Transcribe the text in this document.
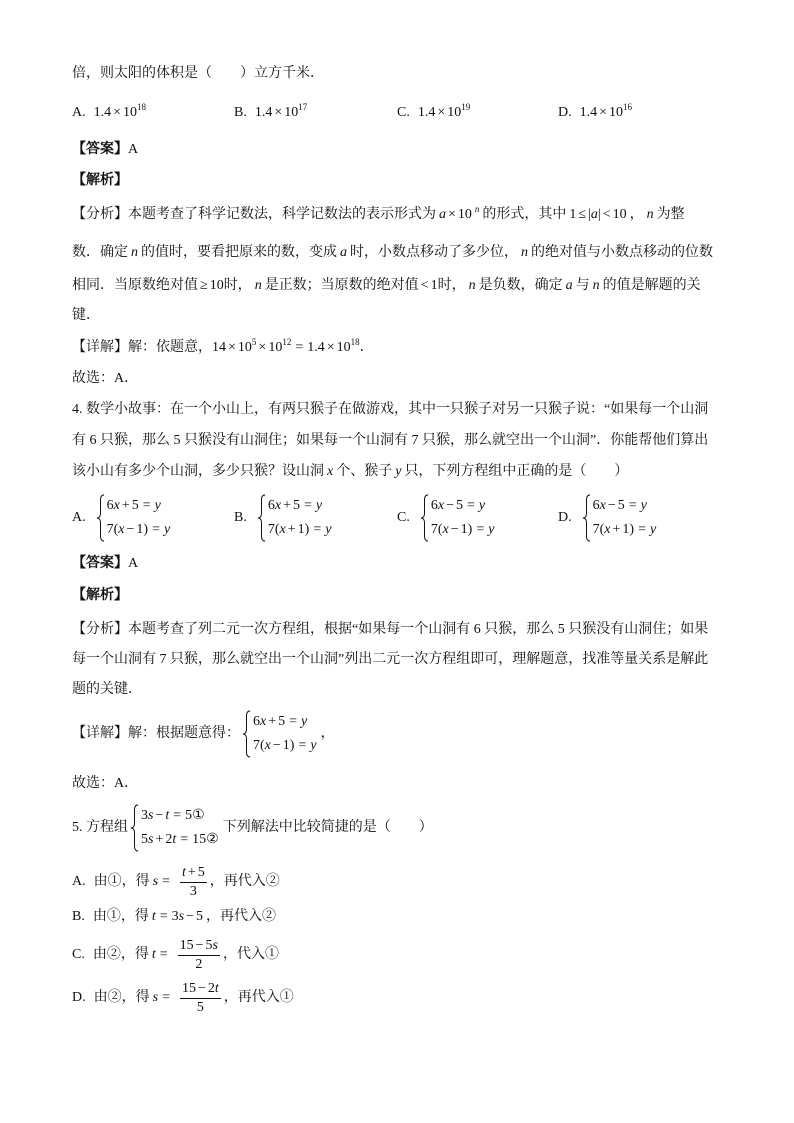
倍，则太阳的体积是（　　）立方千米．
A. 1.4 × 10 18	B. 1.4 × 10 17	C. 1.4 × 10 19	D. 1.4 × 10 16
【答案】 A
【解析】
【分析】本题考查了科学记数法，科学记数法的表示形式为 a × 10 n 的形式，其中 1 ≤ |a| < 10 ， n 为整
数．确定 n 的值时，要看把原来的数，变成 a 时，小数点移动了多少位， n 的绝对值与小数点移动的位数
相同．当原数绝对值 ≥ 10 时， n 是正数；当原数的绝对值 < 1 时， n 是负数，确定 a 与 n 的值是解题的关
键．
【详解】解：依题意， 14 × 10 5 × 10 12 = 1.4 × 10 18 ．
故选：A．
4. 数学小故事：在一个小山上，有两只猴子在做游戏，其中一只猴子对另一只猴子说：“如果每一个山洞
有 6 只猴，那么 5 只猴没有山洞住；如果每一个山洞有 7 只猴，那么就空出一个山洞”．你能帮他们算出
该小山有多少个山洞，多少只猴？设山洞 x 个、猴子 y 只，下列方程组中正确的是（　　）
A.
6x + 5 = y
7(x − 1) = y
B.
6x + 5 = y
7(x + 1) = y
C.
6x − 5 = y
7(x − 1) = y
D.
6x − 5 = y
7(x + 1) = y
【答案】 A
【解析】
【分析】本题考查了列二元一次方程组，根据“如果每一个山洞有 6 只猴，那么 5 只猴没有山洞住；如果
每一个山洞有 7 只猴，那么就空出一个山洞”列出二元一次方程组即可，理解题意，找准等量关系是解此
题的关键．
【详解】解：根据题意得：
6x + 5 = y
7(x − 1) = y
，
故选：A．
5. 方程组
3s − t = 5①
5s + 2t = 15②
下列解法中比较简捷的是（　　）
A. 由①，得 $s = \frac{t + 5}{3}$ ，再代入②
B. 由①，得 t = 3s − 5 ，再代入②
C. 由②，得 $t = \frac{15 - 5s}{2}$ ，代入①
D. 由②，得 $s = \frac{15 - 2t}{5}$ ，再代入①
